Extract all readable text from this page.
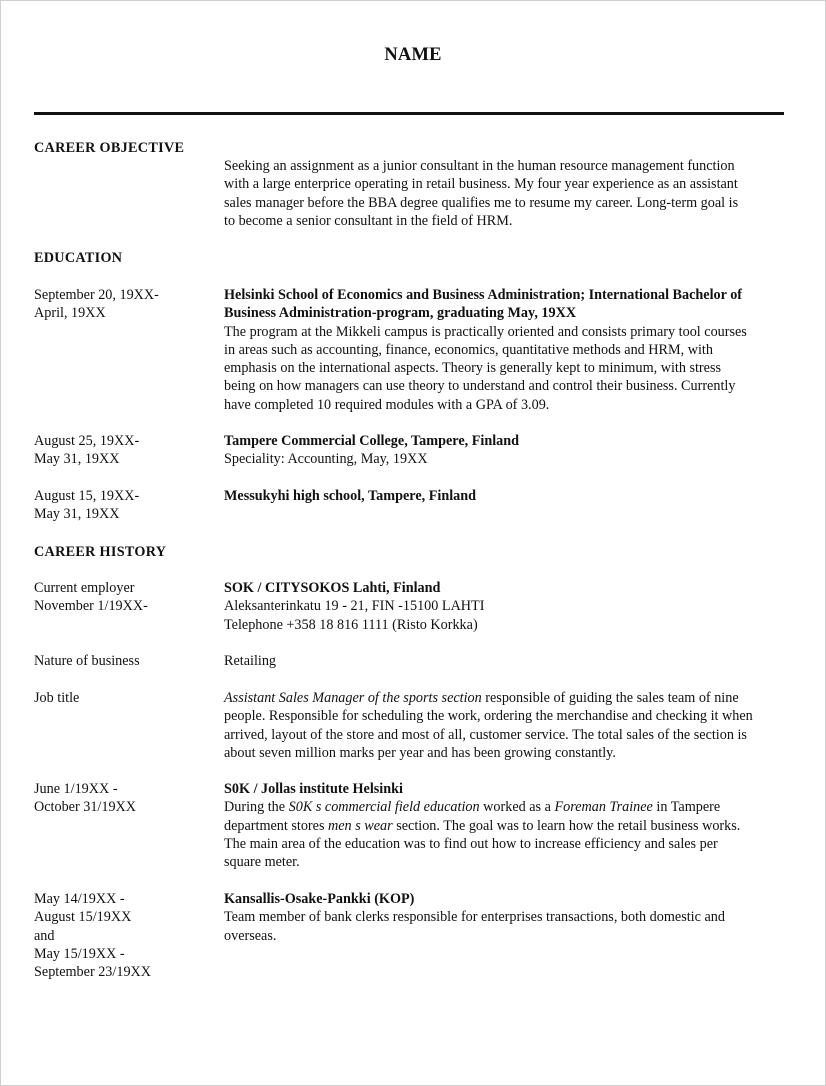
NAME
CAREER OBJECTIVE
Seeking an assignment as a junior consultant in the human resource management function
with a large enterprice operating in retail business. My four year experience as an assistant
sales manager before the BBA degree qualifies me to resume my career. Long-term goal is
to become a senior consultant in the field of HRM.
EDUCATION
September 20, 19XX-
April, 19XX
Helsinki School of Economics and Business Administration; International Bachelor of
Business Administration-program, graduating May, 19XX
The program at the Mikkeli campus is practically oriented and consists primary tool courses
in areas such as accounting, finance, economics, quantitative methods and HRM, with
emphasis on the international aspects. Theory is generally kept to minimum, with stress
being on how managers can use theory to understand and control their business. Currently
have completed 10 required modules with a GPA of 3.09.
August 25, 19XX-
May 31, 19XX
Tampere Commercial College, Tampere, Finland
Speciality: Accounting, May, 19XX
August 15, 19XX-
May 31, 19XX
Messukyhi high school, Tampere, Finland
CAREER HISTORY
Current employer
November 1/19XX-
SOK / CITYSOKOS Lahti, Finland
Aleksanterinkatu 19 - 21, FIN -15100 LAHTI
Telephone +358 18 816 1111 (Risto Korkka)
Nature of business	Retailing
Job title	Assistant Sales Manager of the sports section responsible of guiding the sales team of nine
people. Responsible for scheduling the work, ordering the merchandise and checking it when
arrived, layout of the store and most of all, customer service. The total sales of the section is
about seven million marks per year and has been growing constantly.
June 1/19XX -
October 31/19XX
S0K / Jollas institute Helsinki
During the S0K s commercial field education worked as a Foreman Trainee in Tampere
department stores men s wear section. The goal was to learn how the retail business works.
The main area of the education was to find out how to increase efficiency and sales per
square meter.
May 14/19XX -
August 15/19XX
and
May 15/19XX -
September 23/19XX
Kansallis-Osake-Pankki (KOP)
Team member of bank clerks responsible for enterprises transactions, both domestic and
overseas.
